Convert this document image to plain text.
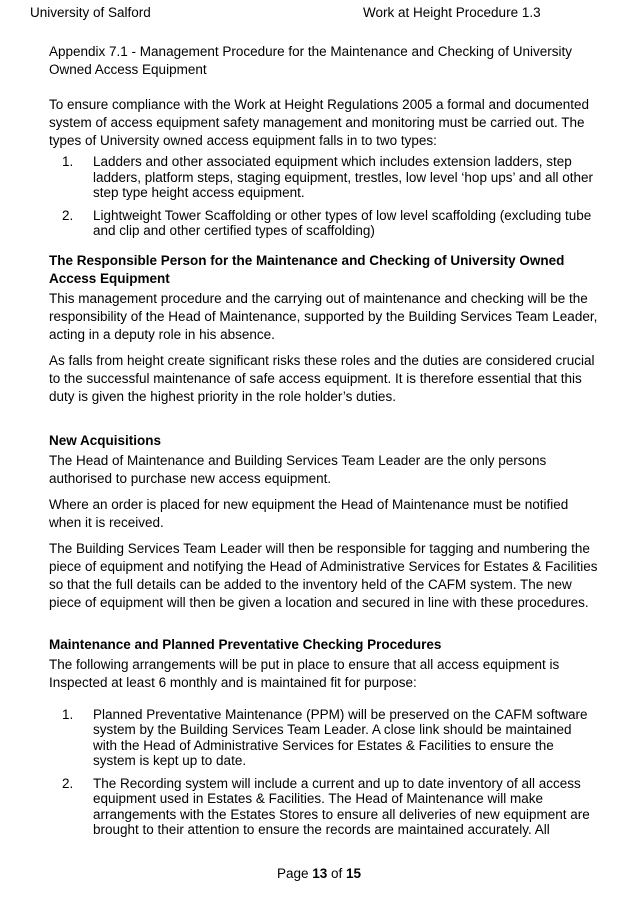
University of Salford	Work at Height Procedure 1.3

Appendix 7.1 - Management Procedure for the Maintenance and Checking of University Owned Access Equipment

To ensure compliance with the Work at Height Regulations 2005 a formal and documented system of access equipment safety management and monitoring must be carried out. The types of University owned access equipment falls in to two types:

1. Ladders and other associated equipment which includes extension ladders, step ladders, platform steps, staging equipment, trestles, low level ‘hop ups’ and all other step type height access equipment.
2. Lightweight Tower Scaffolding or other types of low level scaffolding (excluding tube and clip and other certified types of scaffolding)
The Responsible Person for the Maintenance and Checking of University Owned Access Equipment

This management procedure and the carrying out of maintenance and checking will be the responsibility of the Head of Maintenance, supported by the Building Services Team Leader, acting in a deputy role in his absence.

As falls from height create significant risks these roles and the duties are considered crucial to the successful maintenance of safe access equipment. It is therefore essential that this duty is given the highest priority in the role holder’s duties.

New Acquisitions

The Head of Maintenance and Building Services Team Leader are the only persons authorised to purchase new access equipment.

Where an order is placed for new equipment the Head of Maintenance must be notified when it is received.

The Building Services Team Leader will then be responsible for tagging and numbering the piece of equipment and notifying the Head of Administrative Services for Estates & Facilities so that the full details can be added to the inventory held of the CAFM system. The new piece of equipment will then be given a location and secured in line with these procedures.

Maintenance and Planned Preventative Checking Procedures

The following arrangements will be put in place to ensure that all access equipment is Inspected at least 6 monthly and is maintained fit for purpose:

1. Planned Preventative Maintenance (PPM) will be preserved on the CAFM software system by the Building Services Team Leader. A close link should be maintained with the Head of Administrative Services for Estates & Facilities to ensure the system is kept up to date.
2. The Recording system will include a current and up to date inventory of all access equipment used in Estates & Facilities. The Head of Maintenance will make arrangements with the Estates Stores to ensure all deliveries of new equipment are brought to their attention to ensure the records are maintained accurately. All
Page 13 of 15
